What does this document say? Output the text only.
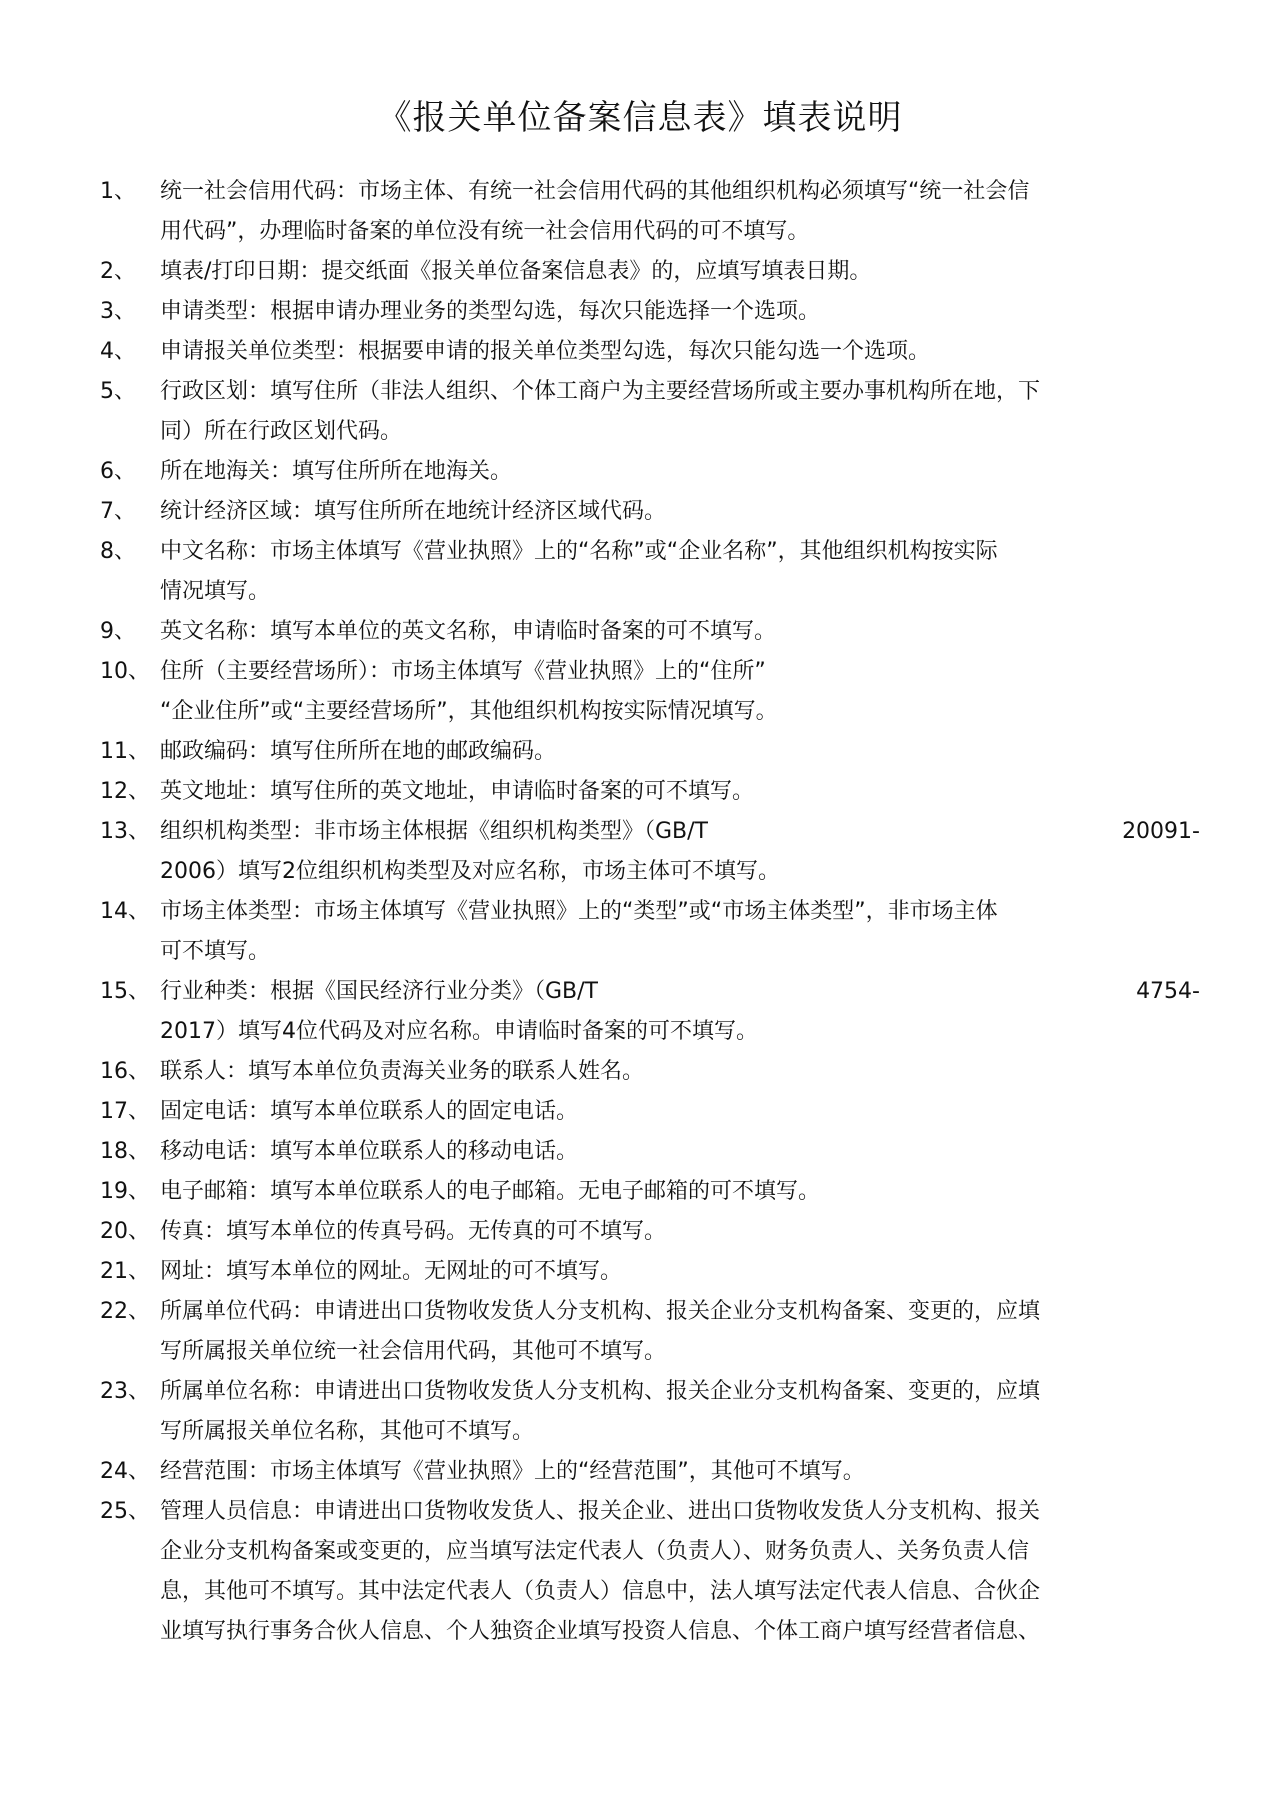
《报关单位备案信息表》填表说明
1、	统一社会信用代码：市场主体、有统一社会信用代码的其他组织机构必须填写“统一社会信
用代码”，办理临时备案的单位没有统一社会信用代码的可不填写。
2、	填表/打印日期：提交纸面《报关单位备案信息表》的，应填写填表日期。
3、	申请类型：根据申请办理业务的类型勾选，每次只能选择一个选项。
4、	申请报关单位类型：根据要申请的报关单位类型勾选，每次只能勾选一个选项。
5、	行政区划：填写住所（非法人组织、个体工商户为主要经营场所或主要办事机构所在地，下
同）所在行政区划代码。
6、	所在地海关：填写住所所在地海关。
7、	统计经济区域：填写住所所在地统计经济区域代码。
8、	中文名称：市场主体填写《营业执照》上的“名称”或“企业名称”，其他组织机构按实际
情况填写。
9、	英文名称：填写本单位的英文名称，申请临时备案的可不填写。
10、 住所（主要经营场所）：市场主体填写《营业执照》上的“住所”
“企业住所”或“主要经营场所”，其他组织机构按实际情况填写。
11、 邮政编码：填写住所所在地的邮政编码。
12、 英文地址：填写住所的英文地址，申请临时备案的可不填写。
13、 组织机构类型：非市场主体根据《组织机构类型》（GB/T	20091-
2006）填写2位组织机构类型及对应名称，市场主体可不填写。
14、 市场主体类型：市场主体填写《营业执照》上的“类型”或“市场主体类型”，非市场主体
可不填写。
15、 行业种类：根据《国民经济行业分类》（GB/T	4754-
2017）填写4位代码及对应名称。申请临时备案的可不填写。
16、 联系人：填写本单位负责海关业务的联系人姓名。
17、 固定电话：填写本单位联系人的固定电话。
18、 移动电话：填写本单位联系人的移动电话。
19、 电子邮箱：填写本单位联系人的电子邮箱。无电子邮箱的可不填写。
20、 传真：填写本单位的传真号码。无传真的可不填写。
21、 网址：填写本单位的网址。无网址的可不填写。
22、 所属单位代码：申请进出口货物收发货人分支机构、报关企业分支机构备案、变更的，应填
写所属报关单位统一社会信用代码，其他可不填写。
23、 所属单位名称：申请进出口货物收发货人分支机构、报关企业分支机构备案、变更的，应填
写所属报关单位名称，其他可不填写。
24、 经营范围：市场主体填写《营业执照》上的“经营范围”，其他可不填写。
25、 管理人员信息：申请进出口货物收发货人、报关企业、进出口货物收发货人分支机构、报关
企业分支机构备案或变更的，应当填写法定代表人（负责人）、财务负责人、关务负责人信
息，其他可不填写。其中法定代表人（负责人）信息中，法人填写法定代表人信息、合伙企
业填写执行事务合伙人信息、个人独资企业填写投资人信息、个体工商户填写经营者信息、
